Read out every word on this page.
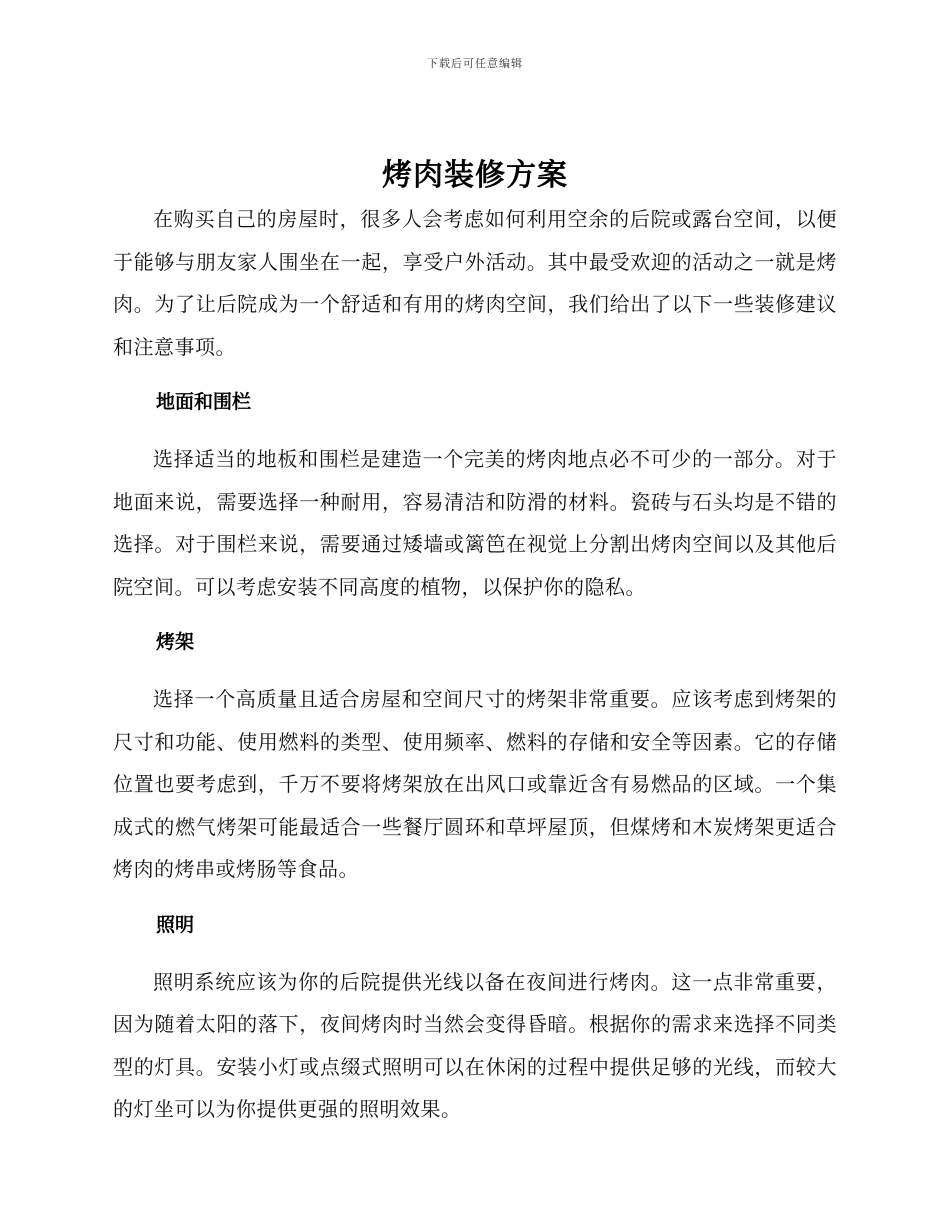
下载后可任意编辑
烤肉装修方案

在购买自己的房屋时，很多人会考虑如何利用空余的后院或露台空间，以便于能够与朋友家人围坐在一起，享受户外活动。其中最受欢迎的活动之一就是烤肉。为了让后院成为一个舒适和有用的烤肉空间，我们给出了以下一些装修建议和注意事项。

地面和围栏

选择适当的地板和围栏是建造一个完美的烤肉地点必不可少的一部分。对于地面来说，需要选择一种耐用，容易清洁和防滑的材料。瓷砖与石头均是不错的选择。对于围栏来说，需要通过矮墙或篱笆在视觉上分割出烤肉空间以及其他后院空间。可以考虑安装不同高度的植物，以保护你的隐私。

烤架

选择一个高质量且适合房屋和空间尺寸的烤架非常重要。应该考虑到烤架的尺寸和功能、使用燃料的类型、使用频率、燃料的存储和安全等因素。它的存储位置也要考虑到，千万不要将烤架放在出风口或靠近含有易燃品的区域。一个集成式的燃气烤架可能最适合一些餐厅圆环和草坪屋顶，但煤烤和木炭烤架更适合烤肉的烤串或烤肠等食品。

照明

照明系统应该为你的后院提供光线以备在夜间进行烤肉。这一点非常重要，因为随着太阳的落下，夜间烤肉时当然会变得昏暗。根据你的需求来选择不同类型的灯具。安装小灯或点缀式照明可以在休闲的过程中提供足够的光线，而较大的灯坐可以为你提供更强的照明效果。
